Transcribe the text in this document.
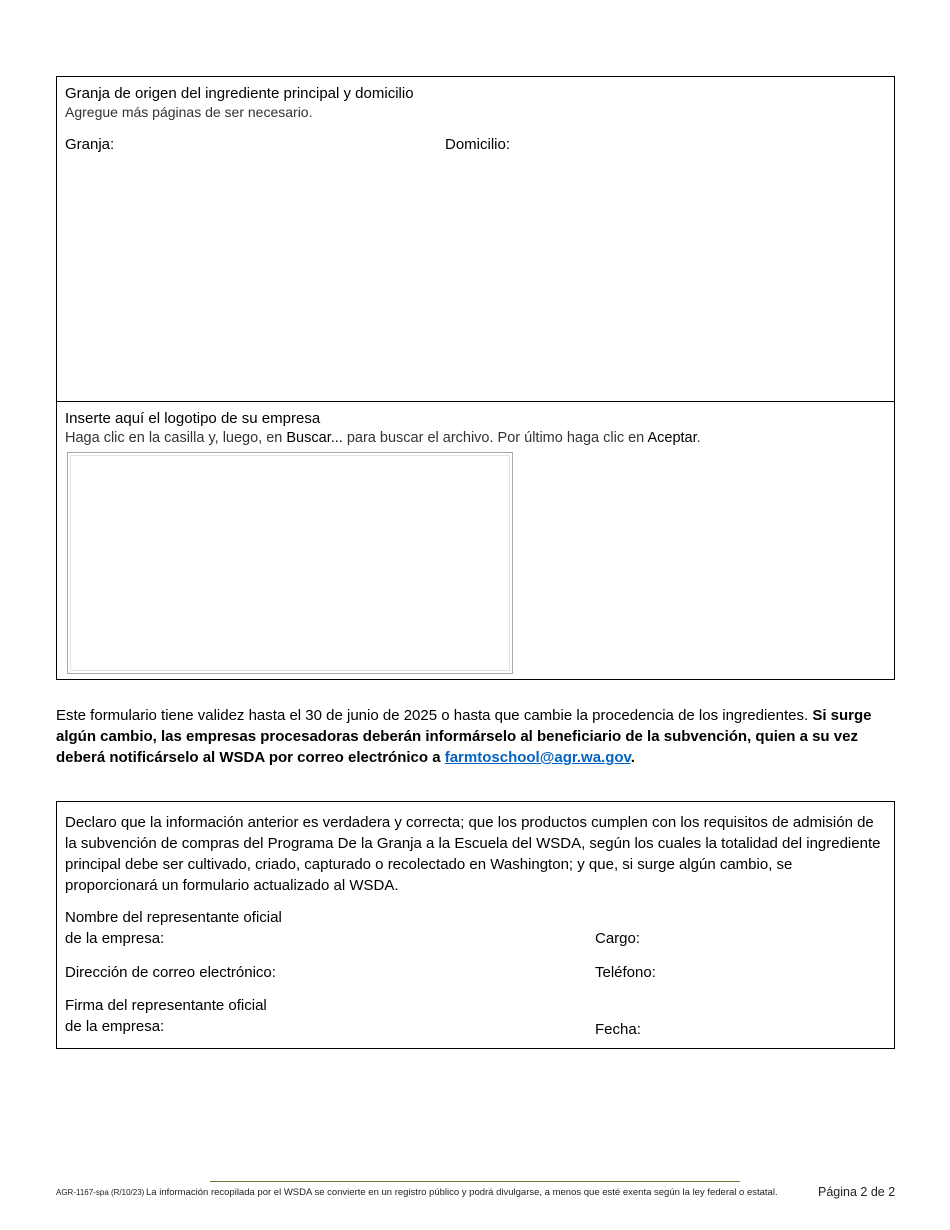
Granja de origen del ingrediente principal y domicilio
Agregue más páginas de ser necesario.
Granja:	Domicilio:
Inserte aquí el logotipo de su empresa
Haga clic en la casilla y, luego, en Buscar... para buscar el archivo. Por último haga clic en Aceptar.
Este formulario tiene validez hasta el 30 de junio de 2025 o hasta que cambie la procedencia de los ingredientes. Si surge algún cambio, las empresas procesadoras deberán informárselo al beneficiario de la subvención, quien a su vez deberá notificárselo al WSDA por correo electrónico a farmtoschool@agr.wa.gov.
Declaro que la información anterior es verdadera y correcta; que los productos cumplen con los requisitos de admisión de la subvención de compras del Programa De la Granja a la Escuela del WSDA, según los cuales la totalidad del ingrediente principal debe ser cultivado, criado, capturado o recolectado en Washington; y que, si surge algún cambio, se proporcionará un formulario actualizado al WSDA.
Nombre del representante oficial
de la empresa:	Cargo:
Dirección de correo electrónico:	Teléfono:
Firma del representante oficial
de la empresa:	Fecha:
AGR-1167-spa (R/10/23) La información recopilada por el WSDA se convierte en un registro público y podrá divulgarse, a menos que esté exenta según la ley federal o estatal.	Página 2 de 2
